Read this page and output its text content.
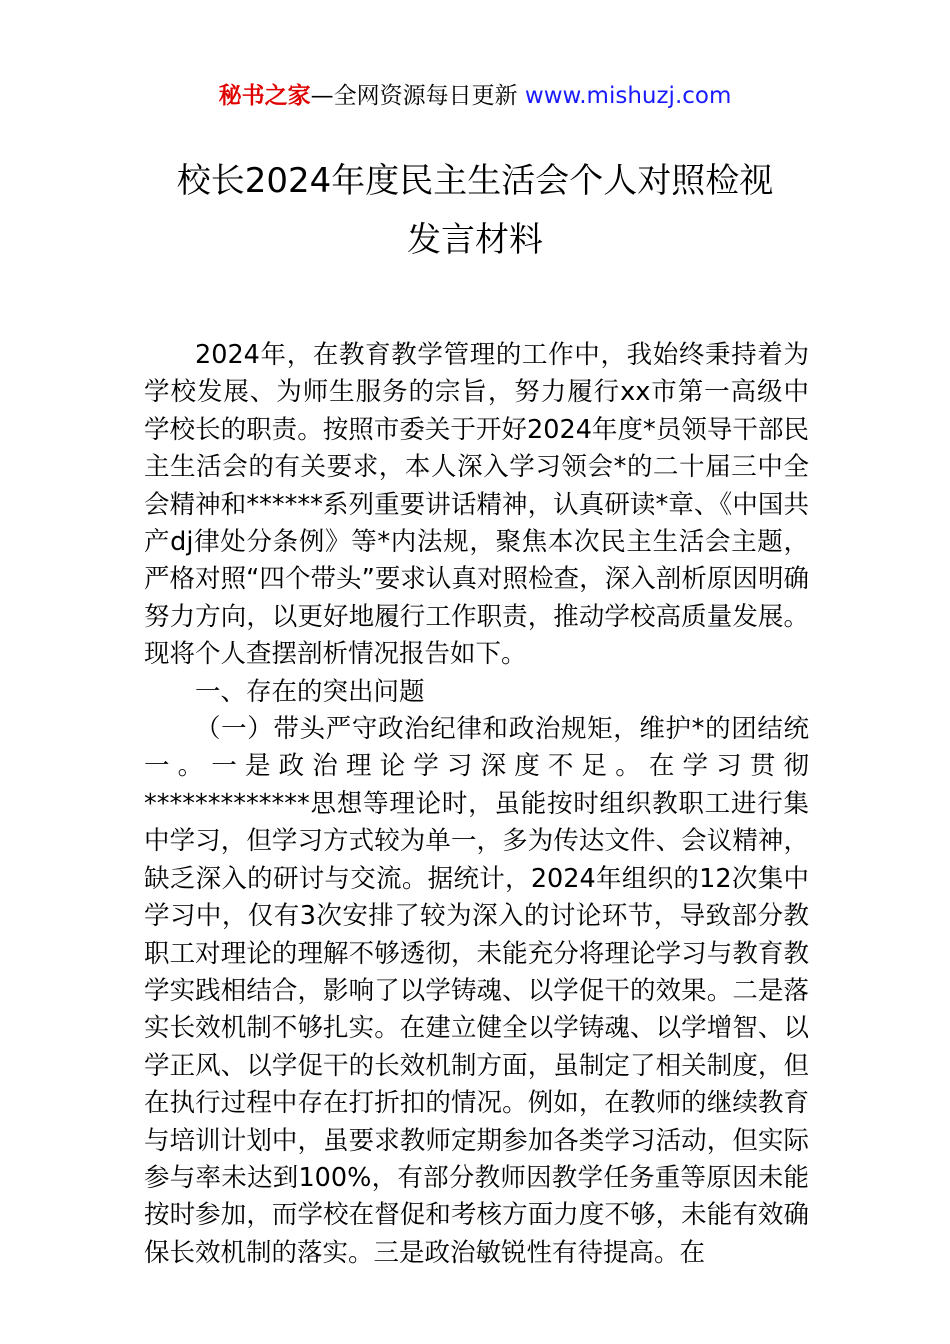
秘书之家—全网资源每日更新 www.mishuzj.com
校长2024年度民主生活会个人对照检视
发言材料

2024年，在教育教学管理的工作中，我始终秉持着为学校发展、为师生服务的宗旨，努力履行xx市第一高级中学校长的职责。按照市委关于开好2024年度*员领导干部民主生活会的有关要求，本人深入学习领会*的二十届三中全会精神和******系列重要讲话精神，认真研读*章、《中国共产dj律处分条例》等*内法规，聚焦本次民主生活会主题，严格对照“四个带头”要求认真对照检查，深入剖析原因明确努力方向，以更好地履行工作职责，推动学校高质量发展。现将个人查摆剖析情况报告如下。

一、存在的突出问题

（一）带头严守政治纪律和政治规矩，维护*的团结统一。一是政治理论学习深度不足。在学习贯彻*************思想等理论时，虽能按时组织教职工进行集中学习，但学习方式较为单一，多为传达文件、会议精神，缺乏深入的研讨与交流。据统计，2024年组织的12次集中学习中，仅有3次安排了较为深入的讨论环节，导致部分教职工对理论的理解不够透彻，未能充分将理论学习与教育教学实践相结合，影响了以学铸魂、以学促干的效果。二是落实长效机制不够扎实。在建立健全以学铸魂、以学增智、以学正风、以学促干的长效机制方面，虽制定了相关制度，但在执行过程中存在打折扣的情况。例如，在教师的继续教育与培训计划中，虽要求教师定期参加各类学习活动，但实际参与率未达到100%，有部分教师因教学任务重等原因未能按时参加，而学校在督促和考核方面力度不够，未能有效确保长效机制的落实。三是政治敏锐性有待提高。在
